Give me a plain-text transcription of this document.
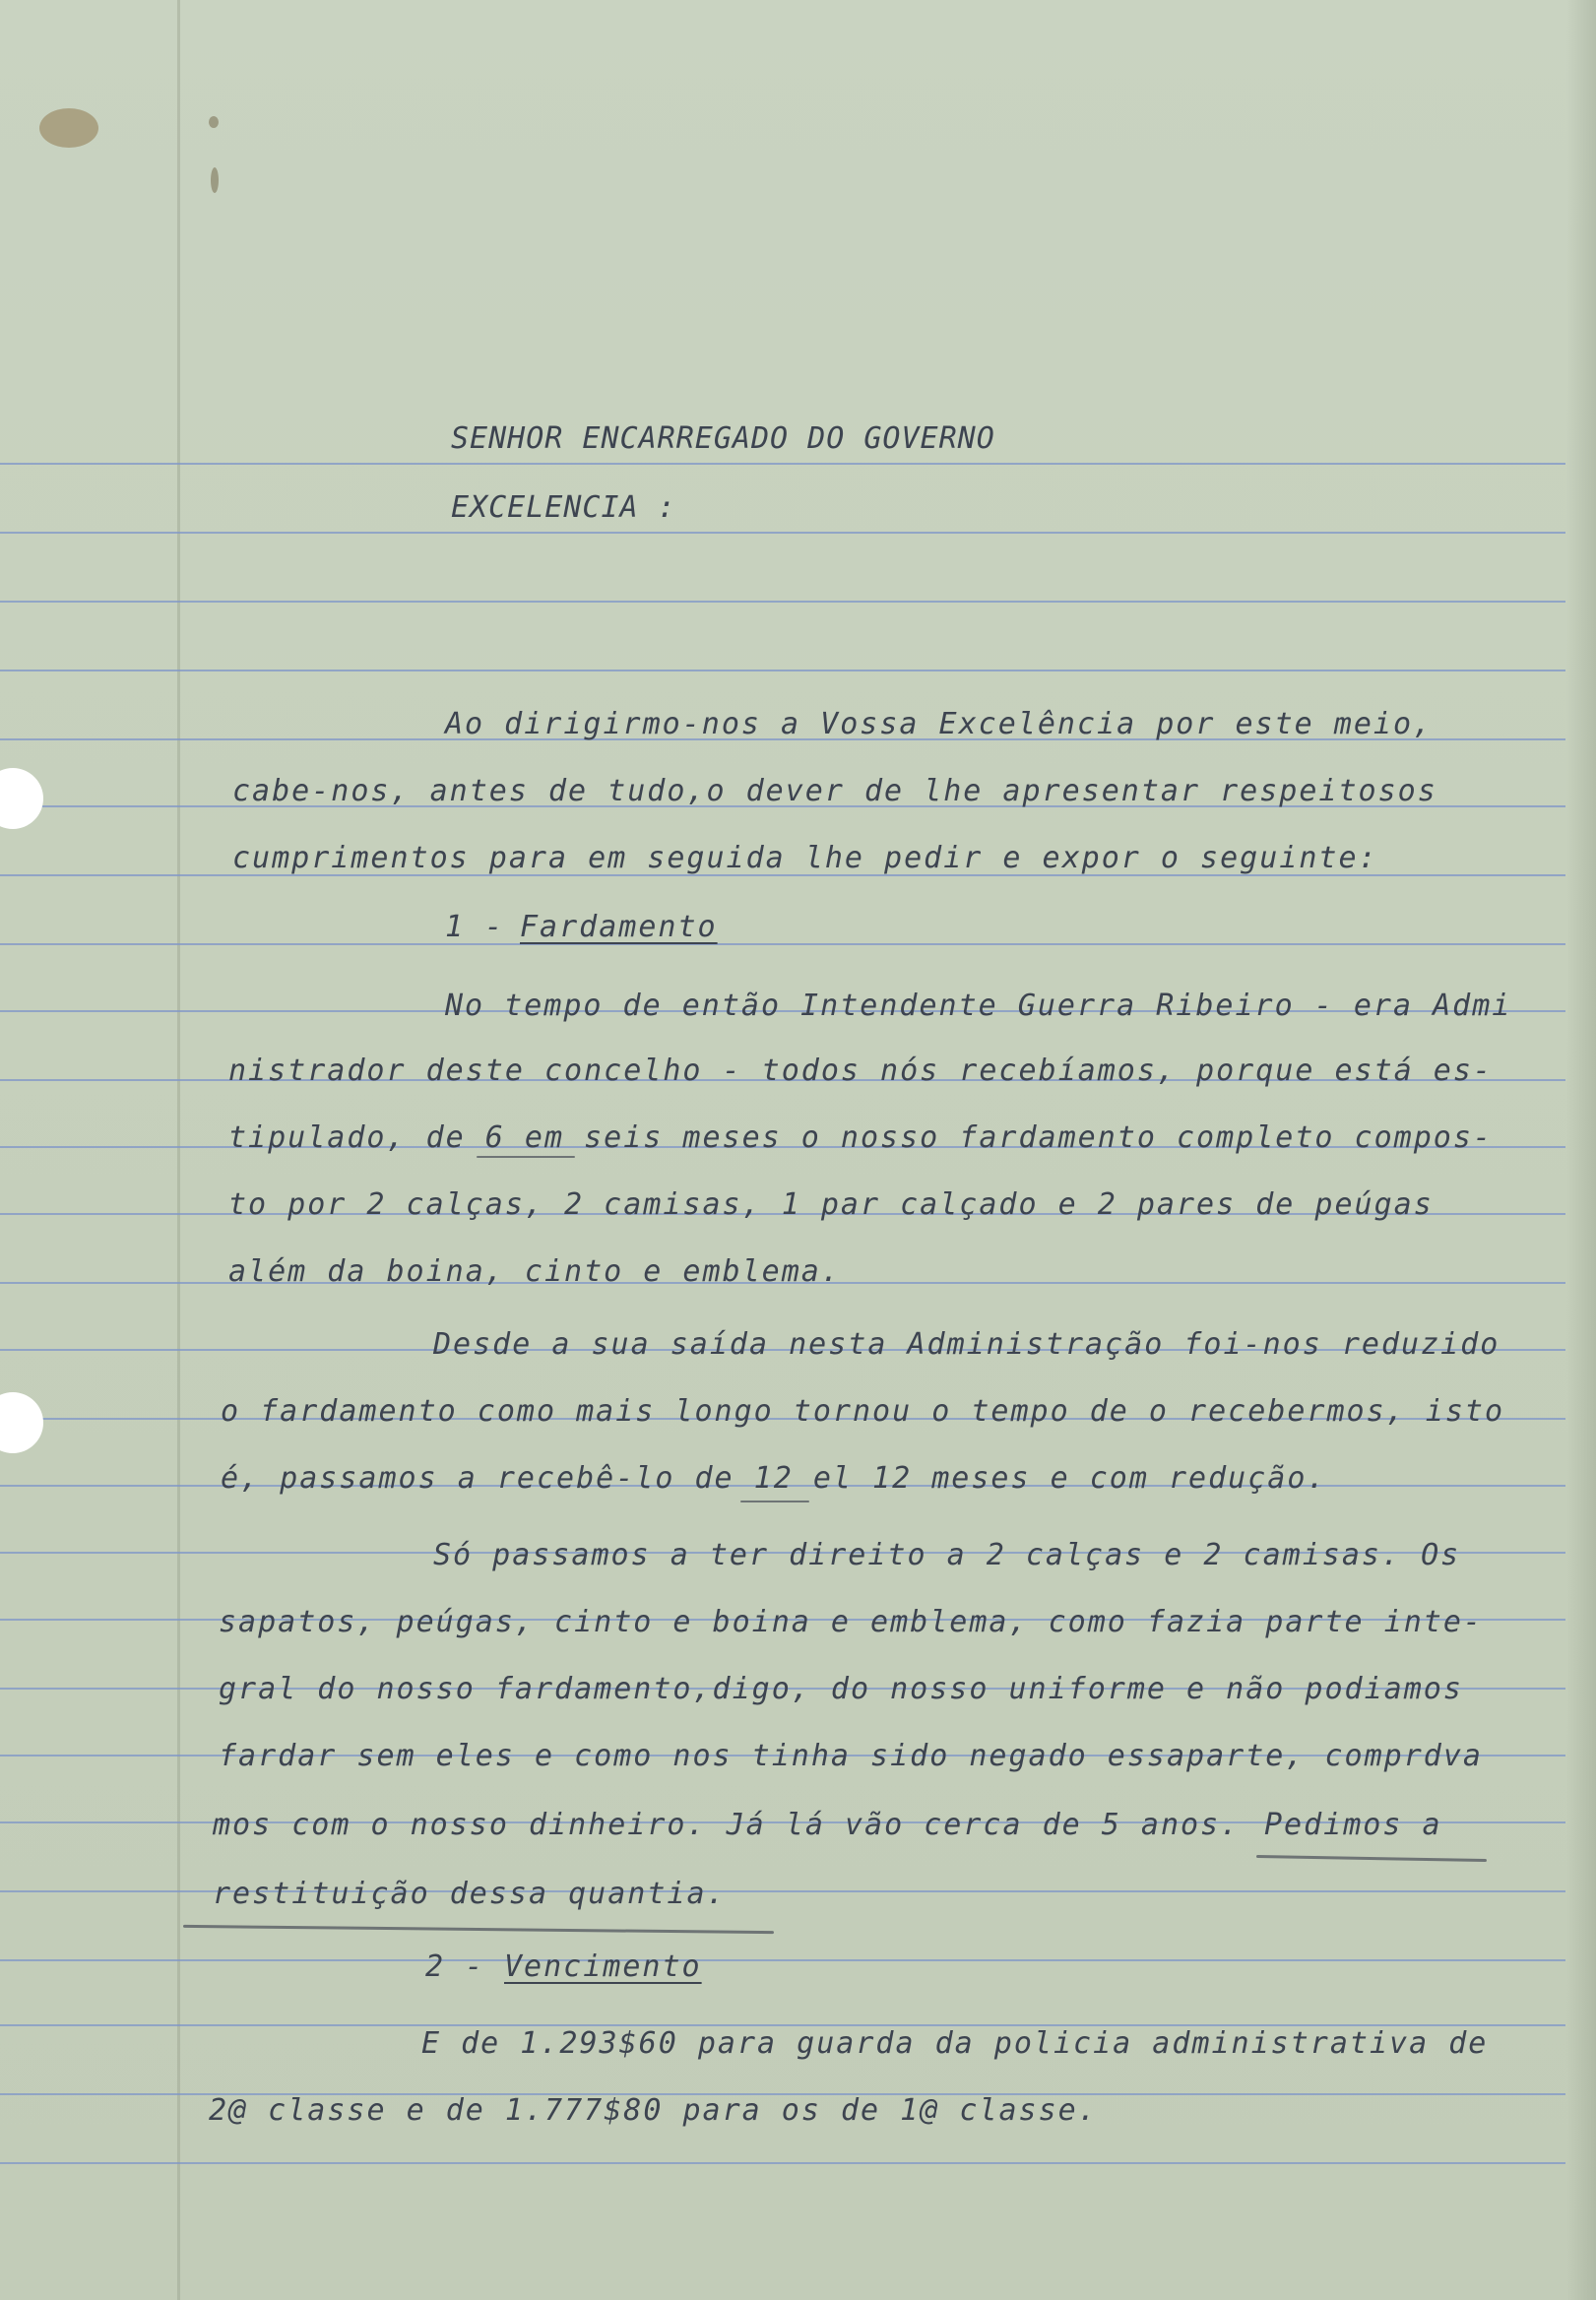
SENHOR ENCARREGADO DO GOVERNO
EXCELENCIA :
Ao dirigirmo-nos a Vossa Excelência por este meio,
cabe-nos, antes de tudo,o dever de lhe apresentar respeitosos
cumprimentos para em seguida lhe pedir e expor o seguinte:
1 - Fardamento
No tempo de então Intendente Guerra Ribeiro - era Admi
nistrador deste concelho - todos nós recebíamos, porque está es-
tipulado, de 6 em seis meses o nosso fardamento completo compos-
to por 2 calças, 2 camisas, 1 par calçado e 2 pares de peúgas
além da boina, cinto e emblema.
Desde a sua saída nesta Administração foi-nos reduzido
o fardamento como mais longo tornou o tempo de o recebermos, isto
é, passamos a recebê-lo de 12 el 12 meses e com redução.
Só passamos a ter direito a 2 calças e 2 camisas. Os
sapatos, peúgas, cinto e boina e emblema, como fazia parte inte-
gral do nosso fardamento,digo, do nosso uniforme e não podiamos
fardar sem eles e como nos tinha sido negado essaparte, comprdva
mos com o nosso dinheiro. Já lá vão cerca de 5 anos. Pedimos a
restituição dessa quantia.
2 - Vencimento
E de 1.293$60 para guarda da policia administrativa de
2@ classe e de 1.777$80 para os de 1@ classe.
